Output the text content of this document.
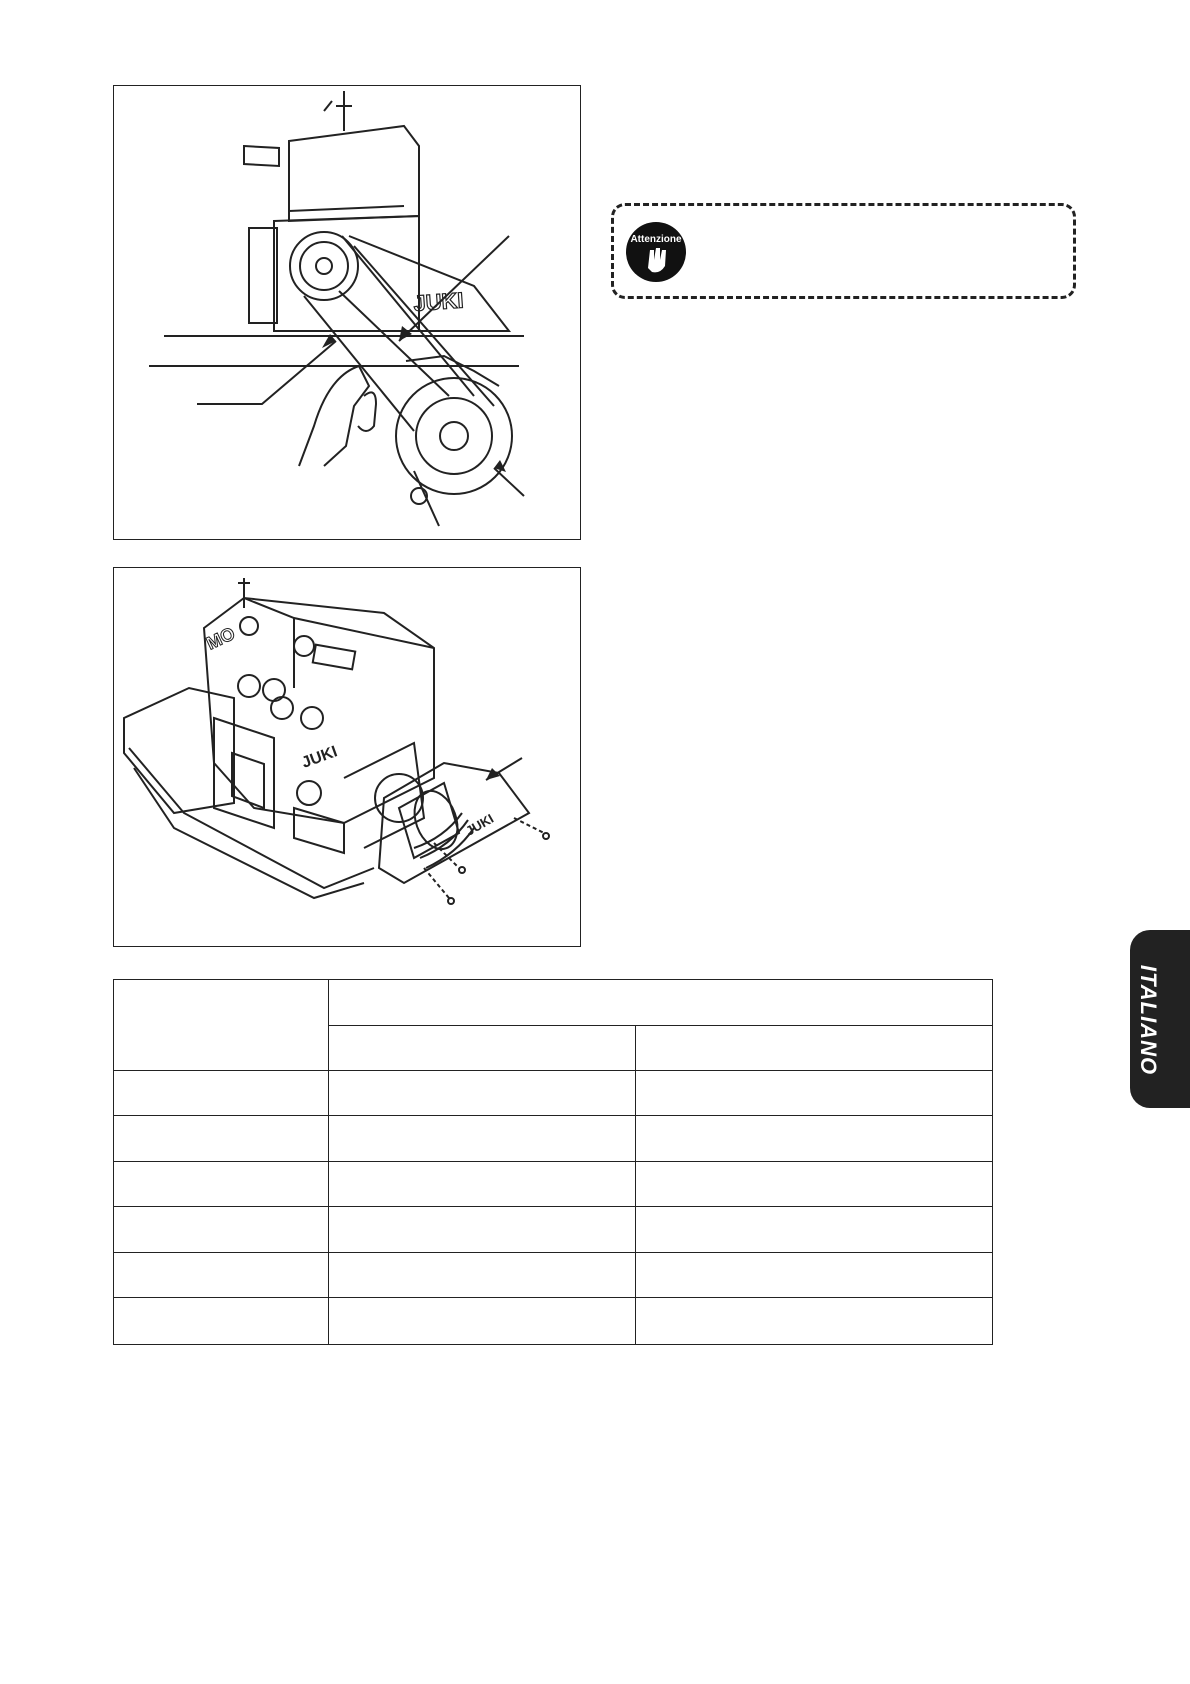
JUKI
Attenzione
MO
JUKI
JUKI

ITALIANO
